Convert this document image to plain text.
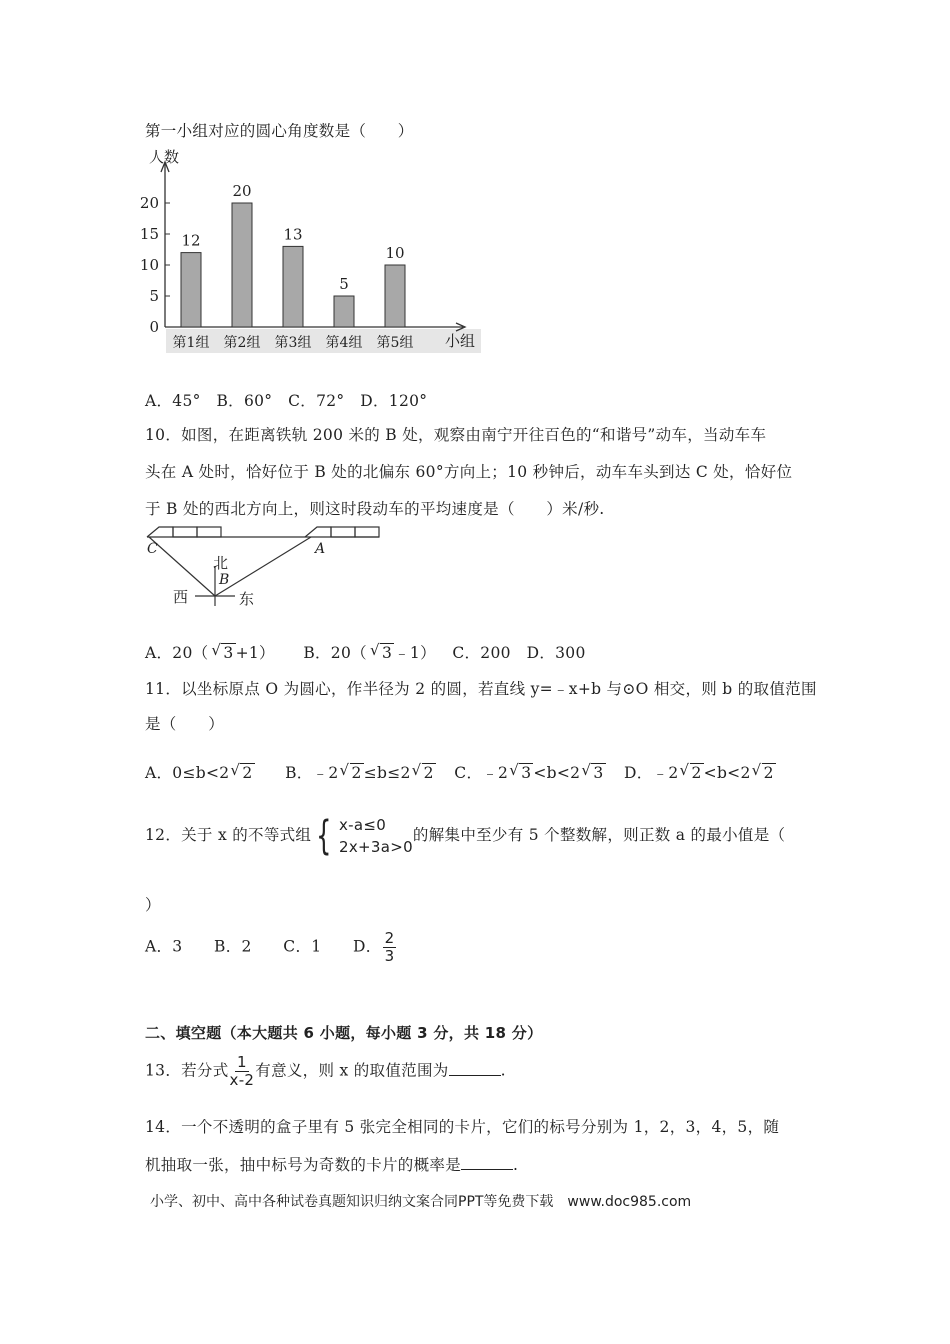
第一小组对应的圆心角度数是（　　）
人数
0
5
10
15
20
12
第1组
20
第2组
13
第3组
5
第4组
10
第5组 小组
A．45°　B．60°　C．72°　D．120°
10．如图，在距离铁轨 200 米的 B 处，观察由南宁开往百色的“和谐号”动车，当动车车
头在 A 处时，恰好位于 B 处的北偏东 60°方向上；10 秒钟后，动车车头到达 C 处，恰好位
于 B 处的西北方向上，则这时段动车的平均速度是（　　）米/秒.
C	A
北
B
西	东
A．20（ √ 3 +1） B．20（ √ 3 ﹣1） C．200　D．300
11．以坐标原点 O 为圆心，作半径为 2 的圆，若直线 y=﹣x+b 与⊙O 相交，则 b 的取值范围
是（　　）
A．0≤b<2 √ 2 B．﹣2 √ 2 ≤b≤2 √ 2 C．﹣2 √ 3 <b<2 √ 3 D．﹣2 √ 2 <b<2 √ 2
12．关于 x 的不等式组 { x-a≤0
2x+3a>0
的解集中至少有 5 个整数解，则正数 a 的最小值是（
）
A．3　　B．2　　C．1　　D． $\frac{2}{3}$
二、填空题（本大题共 6 小题，每小题 3 分，共 18 分）
13．若分式 $\frac{1}{x-2}$ 有意义，则 x 的取值范围为	.
14．一个不透明的盒子里有 5 张完全相同的卡片，它们的标号分别为 1，2，3，4，5，随
机抽取一张，抽中标号为奇数的卡片的概率是	.
小学、初中、高中各种试卷真题知识归纳文案合同PPT等免费下载　www.doc985.com
